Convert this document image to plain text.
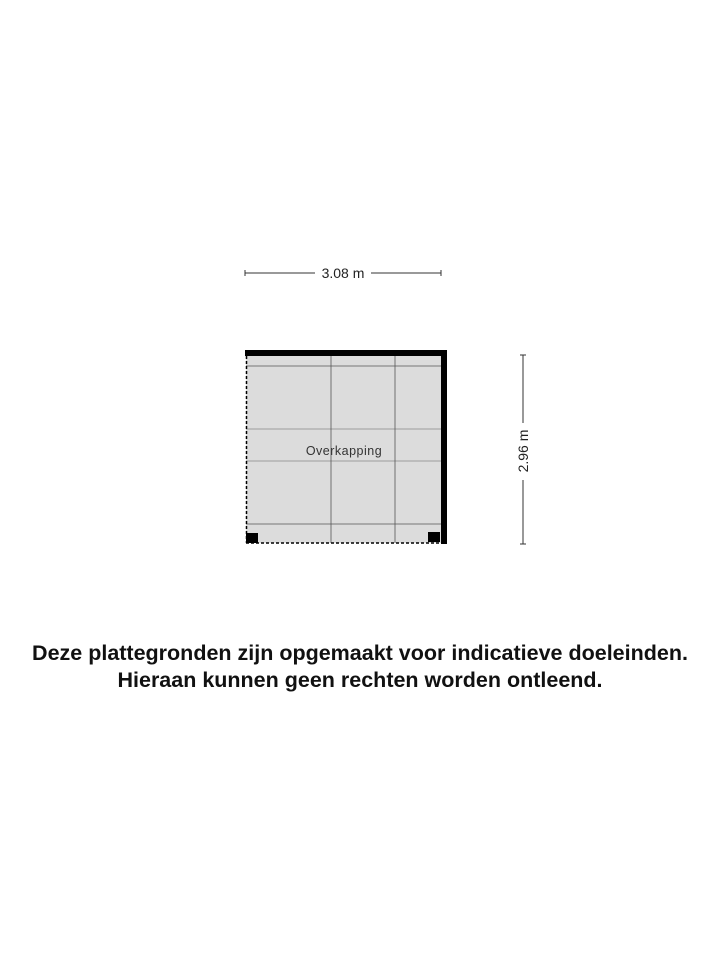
3.08 m
2.96 m
Overkapping
Deze plattegronden zijn opgemaakt voor indicatieve doeleinden.
Hieraan kunnen geen rechten worden ontleend.
